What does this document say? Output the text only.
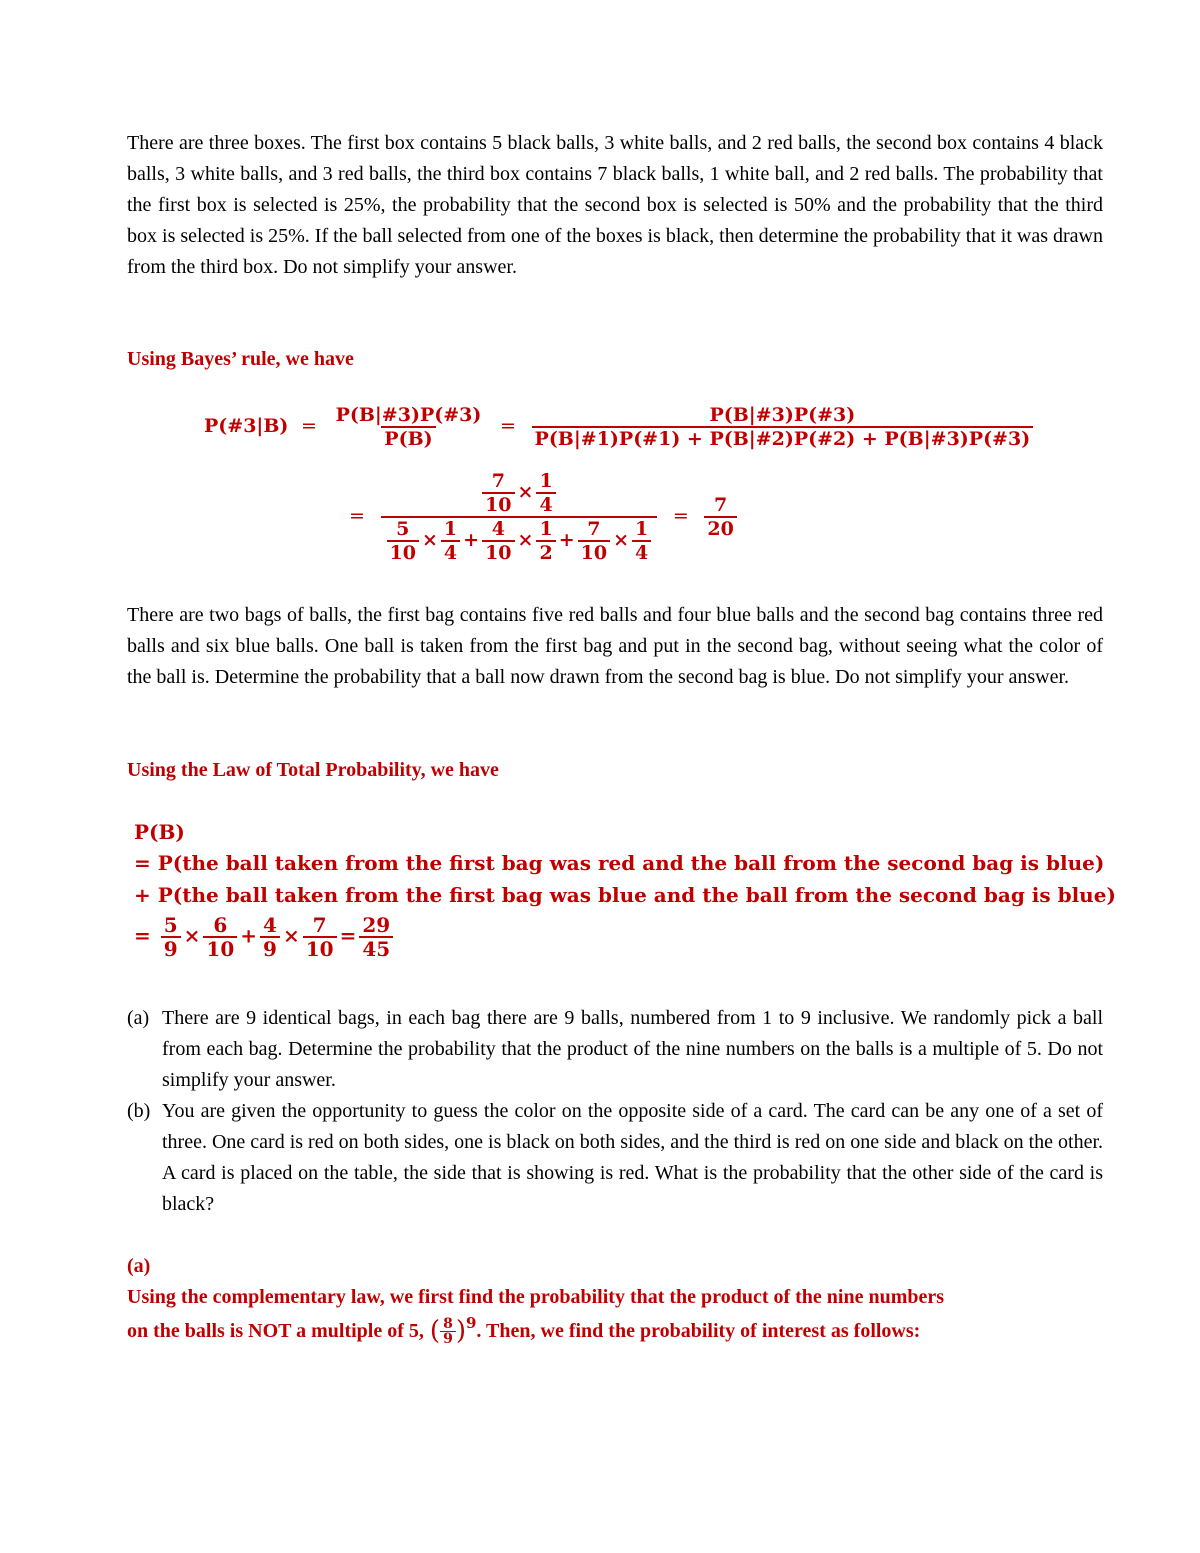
There are three boxes. The first box contains 5 black balls, 3 white balls, and 2 red balls, the second box contains 4 black balls, 3 white balls, and 3 red balls, the third box contains 7 black balls, 1 white ball, and 2 red balls. The probability that the first box is selected is 25%, the probability that the second box is selected is 50% and the probability that the third box is selected is 25%. If the ball selected from one of the boxes is black, then determine the probability that it was drawn from the third box. Do not simplify your answer.
Using Bayes’ rule, we have
P(#3|B) = $\frac{P(B|\#3)P(\#3)}{P(B)} = \frac{P(B|\#3)P(\#3)}{P(B|\#1)P(\#1) + P(B|\#2)P(\#2) + P(B|\#3)P(\#3)}$
= $\frac{\frac{7}{10} \times \frac{1}{4}}{\frac{5}{10} \times \frac{1}{4} + \frac{4}{10} \times \frac{1}{2} + \frac{7}{10} \times \frac{1}{4}} = \frac{7}{20}$
There are two bags of balls, the first bag contains five red balls and four blue balls and the second bag contains three red balls and six blue balls. One ball is taken from the first bag and put in the second bag, without seeing what the color of the ball is. Determine the probability that a ball now drawn from the second bag is blue. Do not simplify your answer.
Using the Law of Total Probability, we have
P(B)
= P(the ball taken from the first bag was red and the ball from the second bag is blue)
+ P(the ball taken from the first bag was blue and the ball from the second bag is blue)
= $\frac{5}{9} \times \frac{6}{10} + \frac{4}{9} \times \frac{7}{10} = \frac{29}{45}$
(a) There are 9 identical bags, in each bag there are 9 balls, numbered from 1 to 9 inclusive. We randomly pick a ball from each bag. Determine the probability that the product of the nine numbers on the balls is a multiple of 5. Do not simplify your answer.
(b) You are given the opportunity to guess the color on the opposite side of a card. The card can be any one of a set of three. One card is red on both sides, one is black on both sides, and the third is red on one side and black on the other. A card is placed on the table, the side that is showing is red. What is the probability that the other side of the card is black?
(a)
Using the complementary law, we first find the probability that the product of the nine numbers
on the balls is NOT a multiple of 5, ( $\frac{8}{9} )^9$ . Then, we find the probability of interest as follows:
